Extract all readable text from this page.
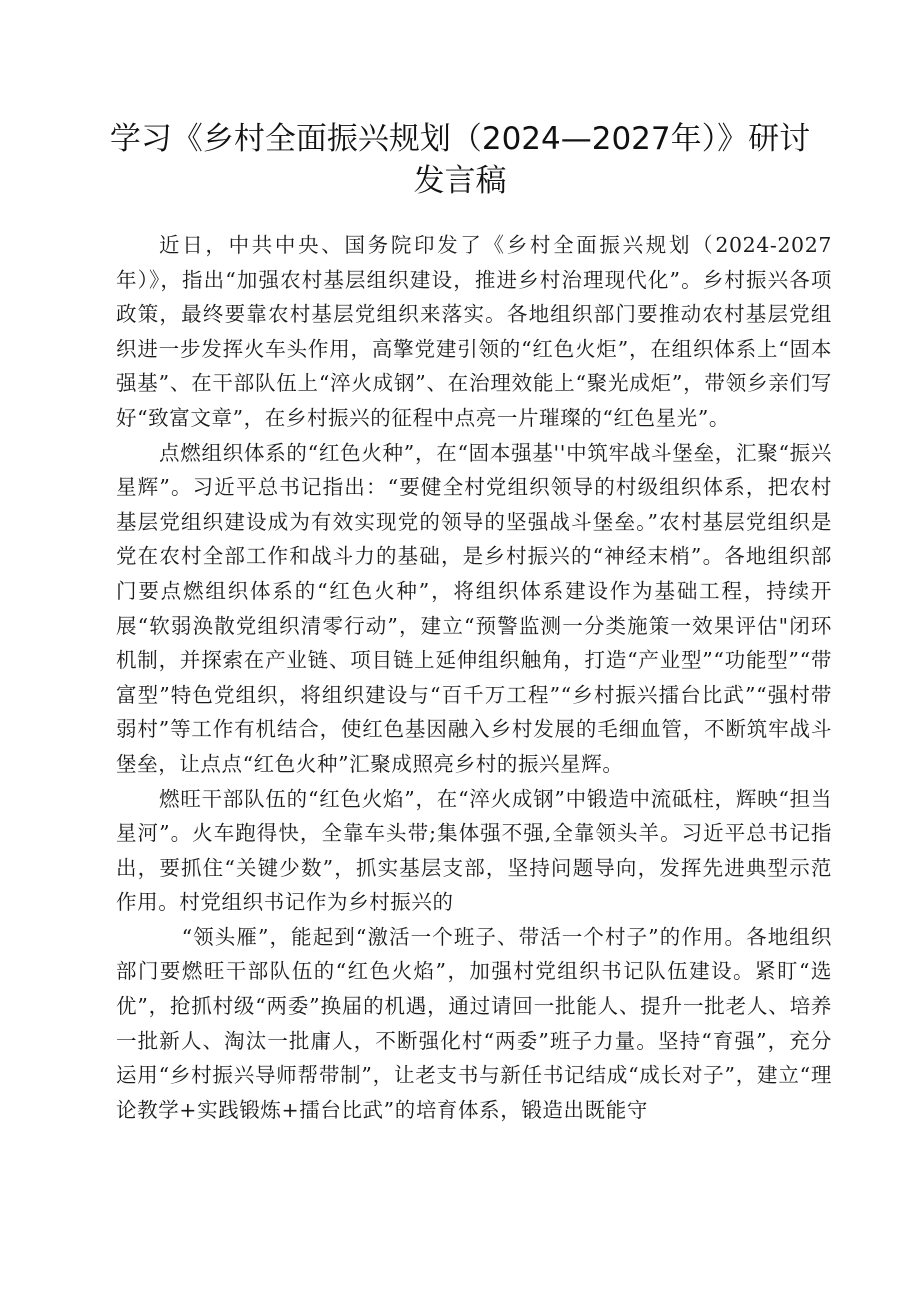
学习《乡村全面振兴规划（2024—2027年）》研讨
发言稿

近日，中共中央、国务院印发了《乡村全面振兴规划（2024-2027年）》，指出“加强农村基层组织建设，推进乡村治理现代化”。乡村振兴各项政策，最终要靠农村基层党组织来落实。各地组织部门要推动农村基层党组织进一步发挥火车头作用，高擎党建引领的“红色火炬”，在组织体系上“固本强基”、在干部队伍上“淬火成钢”、在治理效能上“聚光成炬”，带领乡亲们写好“致富文章”，在乡村振兴的征程中点亮一片璀璨的“红色星光”。

点燃组织体系的“红色火种”，在“固本强基''中筑牢战斗堡垒，汇聚“振兴星辉”。习近平总书记指出：“要健全村党组织领导的村级组织体系，把农村基层党组织建设成为有效实现党的领导的坚强战斗堡垒。”农村基层党组织是党在农村全部工作和战斗力的基础，是乡村振兴的“神经末梢”。各地组织部门要点燃组织体系的“红色火种”，将组织体系建设作为基础工程，持续开展“软弱涣散党组织清零行动”，建立“预警监测一分类施策一效果评估"闭环机制，并探索在产业链、项目链上延伸组织触角，打造“产业型”“功能型”“带富型”特色党组织，将组织建设与“百千万工程”“乡村振兴擂台比武”“强村带弱村”等工作有机结合，使红色基因融入乡村发展的毛细血管，不断筑牢战斗堡垒，让点点“红色火种”汇聚成照亮乡村的振兴星辉。

燃旺干部队伍的“红色火焰”，在“淬火成钢”中锻造中流砥柱，辉映“担当星河”。火车跑得快，全靠车头带;集体强不强,全靠领头羊。习近平总书记指出，要抓住“关键少数”，抓实基层支部，坚持问题导向，发挥先进典型示范作用。村党组织书记作为乡村振兴的

“领头雁”，能起到“激活一个班子、带活一个村子”的作用。各地组织部门要燃旺干部队伍的“红色火焰”，加强村党组织书记队伍建设。紧盯“选优”，抢抓村级“两委”换届的机遇，通过请回一批能人、提升一批老人、培养一批新人、淘汰一批庸人，不断强化村“两委”班子力量。坚持“育强”，充分运用“乡村振兴导师帮带制”，让老支书与新任书记结成“成长对子”，建立“理论教学+实践锻炼+擂台比武”的培育体系，锻造出既能守
